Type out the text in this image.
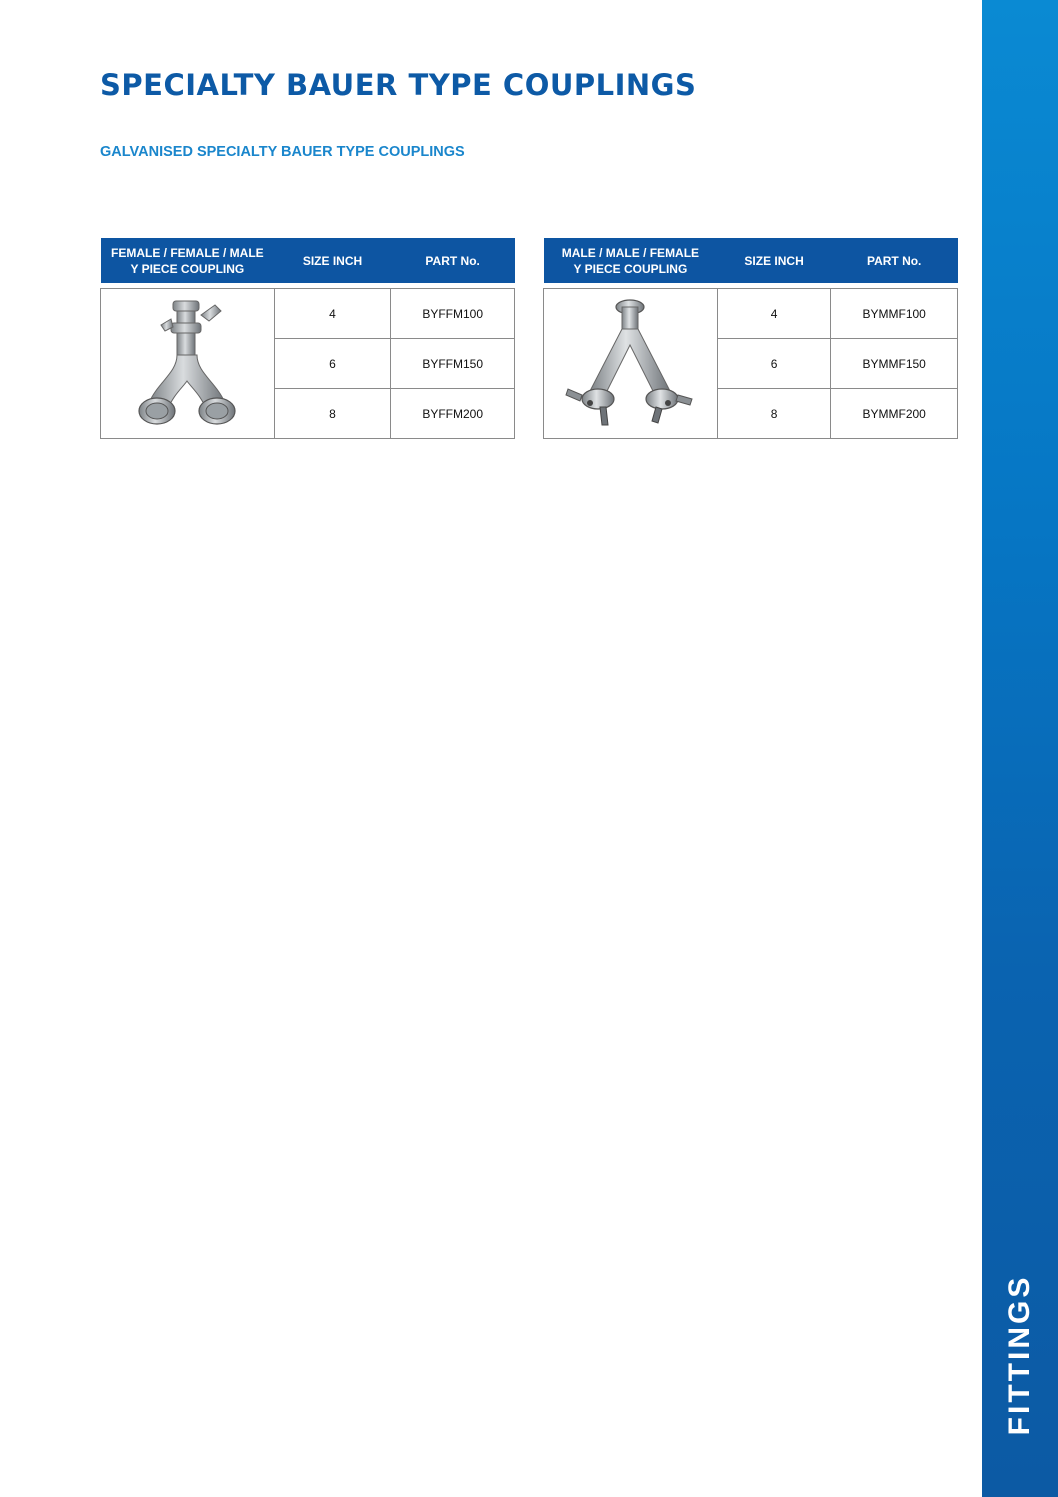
FITTINGS
SPECIALTY BAUER TYPE COUPLINGS
GALVANISED SPECIALTY BAUER TYPE COUPLINGS
FEMALE / FEMALE / MALE
Y PIECE COUPLING	SIZE INCH	PART No.

	4	BYFFM100
	6	BYFFM150
	8	BYFFM200
MALE / MALE / FEMALE
Y PIECE COUPLING	SIZE INCH	PART No.

	4	BYMMF100
	6	BYMMF150
	8	BYMMF200
